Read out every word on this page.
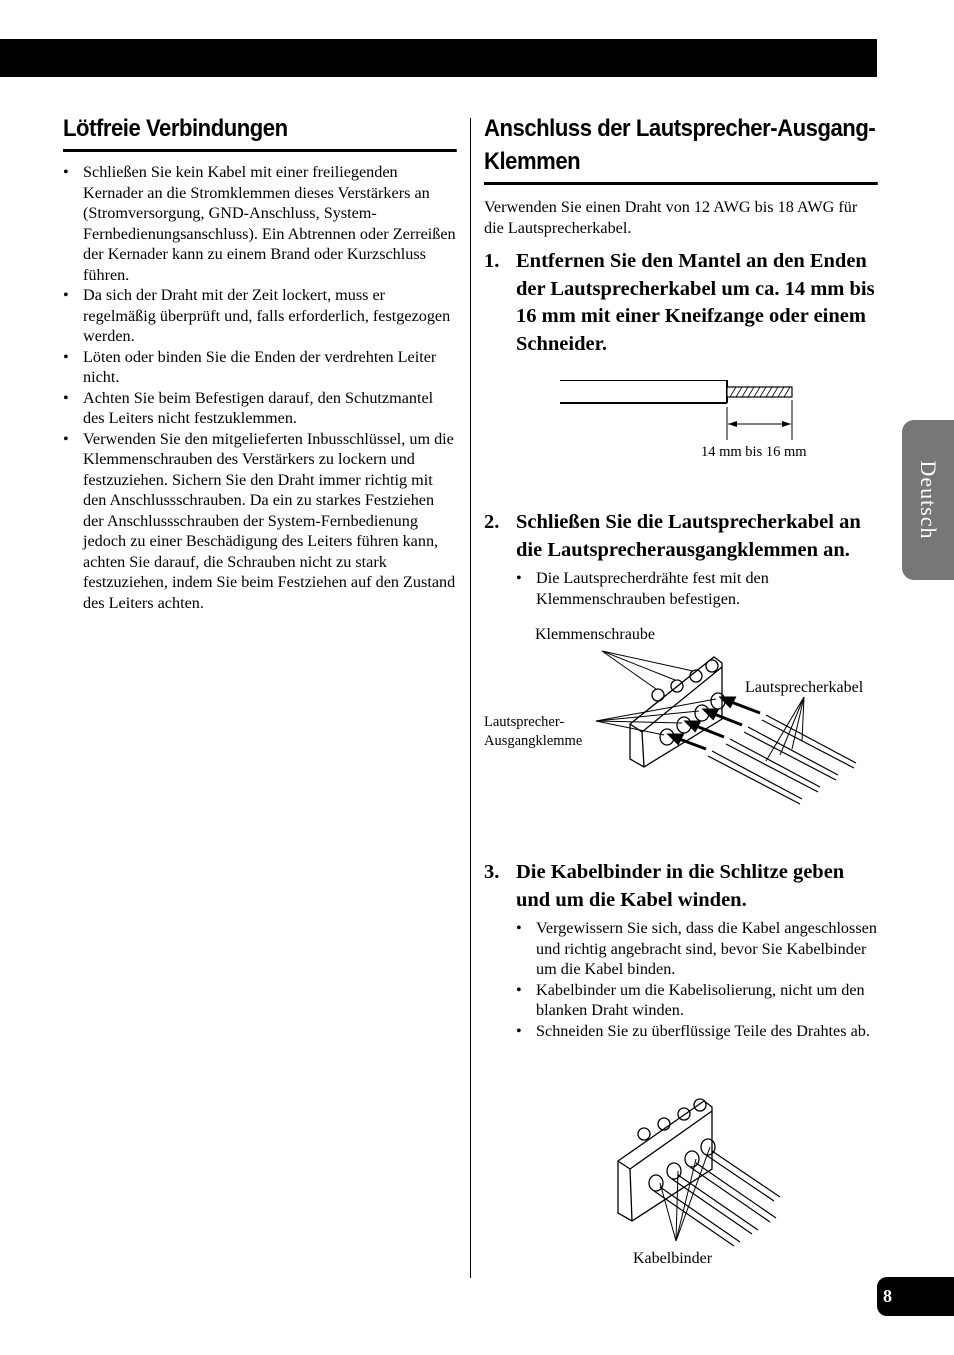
Lötfreie Verbindungen
• Schließen Sie kein Kabel mit einer freiliegenden Kernader an die Stromklemmen dieses Verstärkers an (Stromversorgung, GND-Anschluss, System-Fernbedienungsanschluss). Ein Abtrennen oder Zerreißen der Kernader kann zu einem Brand oder Kurzschluss führen.
• Da sich der Draht mit der Zeit lockert, muss er regelmäßig überprüft und, falls erforderlich, festgezogen werden.
• Löten oder binden Sie die Enden der verdrehten Leiter nicht.
• Achten Sie beim Befestigen darauf, den Schutzmantel des Leiters nicht festzuklemmen.
• Verwenden Sie den mitgelieferten Inbusschlüssel, um die Klemmenschrauben des Verstärkers zu lockern und festzuziehen. Sichern Sie den Draht immer richtig mit den Anschlussschrauben. Da ein zu starkes Festziehen der Anschlussschrauben der System-Fernbedienung jedoch zu einer Beschädigung des Leiters führen kann, achten Sie darauf, die Schrauben nicht zu stark festzuziehen, indem Sie beim Festziehen auf den Zustand des Leiters achten.
Anschluss der Lautsprecher-Ausgang-Klemmen

Verwenden Sie einen Draht von 12 AWG bis 18 AWG für die Lautsprecherkabel.

1. Entfernen Sie den Mantel an den Enden der Lautsprecherkabel um ca. 14 mm bis 16 mm mit einer Kneifzange oder einem Schneider.
14 mm bis 16 mm
2. Schließen Sie die Lautsprecherkabel an die Lautsprecherausgangklemmen an.
• Die Lautsprecherdrähte fest mit den Klemmenschrauben befestigen.
Klemmenschraube
Lautsprecherkabel
Lautsprecher-
Ausgangklemme
3. Die Kabelbinder in die Schlitze geben und um die Kabel winden.
• Vergewissern Sie sich, dass die Kabel angeschlossen und richtig angebracht sind, bevor Sie Kabelbinder um die Kabel binden.
• Kabelbinder um die Kabelisolierung, nicht um den blanken Draht winden.
• Schneiden Sie zu überflüssige Teile des Drahtes ab.
Kabelbinder
Deutsch
8
